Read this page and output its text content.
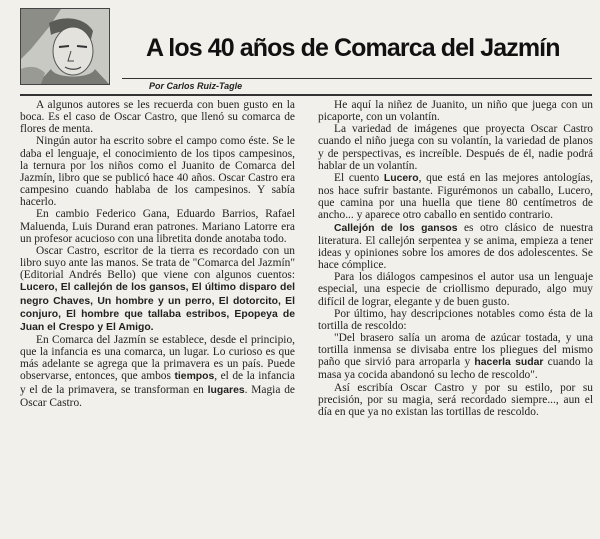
A los 40 años de Comarca del Jazmín
Por Carlos Ruiz-Tagle

A algunos autores se les recuerda con buen gusto en la boca. Es el caso de Oscar Castro, que llenó su comarca de flores de menta.

Ningún autor ha escrito sobre el campo como éste. Se le daba el lenguaje, el conocimiento de los tipos campesinos, la ternura por los niños como el Juanito de Comarca del Jazmín, libro que se publicó hace 40 años. Oscar Castro era campesino cuando hablaba de los campesinos. Y sabía hacerlo.

En cambio Federico Gana, Eduardo Barrios, Rafael Maluenda, Luis Durand eran patrones. Mariano Latorre era un profesor acucioso con una libretita donde anotaba todo.

Oscar Castro, escritor de la tierra es recordado con un libro suyo ante las manos. Se trata de "Comarca del Jazmín" (Editorial Andrés Bello) que viene con algunos cuentos: Lucero, El callejón de los gansos, El último disparo del negro Chaves, Un hombre y un perro, El dotorcito, El conjuro, El hombre que tallaba estribos, Epopeya de Juan el Crespo y El Amigo.

En Comarca del Jazmín se establece, desde el principio, que la infancia es una comarca, un lugar. Lo curioso es que más adelante se agrega que la primavera es un país. Puede observarse, entonces, que ambos tiempos, el de la infancia y el de la primavera, se transforman en lugares. Magia de Oscar Castro.

He aquí la niñez de Juanito, un niño que juega con un picaporte, con un volantín.

La variedad de imágenes que proyecta Oscar Castro cuando el niño juega con su volantín, la variedad de planos y de perspectivas, es increíble. Después de él, nadie podrá hablar de un volantín.

El cuento Lucero, que está en las mejores antologías, nos hace sufrir bastante. Figurémonos un caballo, Lucero, que camina por una huella que tiene 80 centímetros de ancho... y aparece otro caballo en sentido contrario.

Callejón de los gansos es otro clásico de nuestra literatura. El callejón serpentea y se anima, empieza a tener ideas y opiniones sobre los amores de dos adolescentes. Se hace cómplice.

Para los diálogos campesinos el autor usa un lenguaje especial, una especie de criollismo depurado, algo muy difícil de lograr, elegante y de buen gusto.

Por último, hay descripciones notables como ésta de la tortilla de rescoldo:

"Del brasero salía un aroma de azúcar tostada, y una tortilla inmensa se divisaba entre los pliegues del mismo paño que sirvió para arroparla y hacerla sudar cuando la masa ya cocida abandonó su lecho de rescoldo".

Así escribía Oscar Castro y por su estilo, por su precisión, por su magia, será recordado siempre..., aun el día en que ya no existan las tortillas de rescoldo.
